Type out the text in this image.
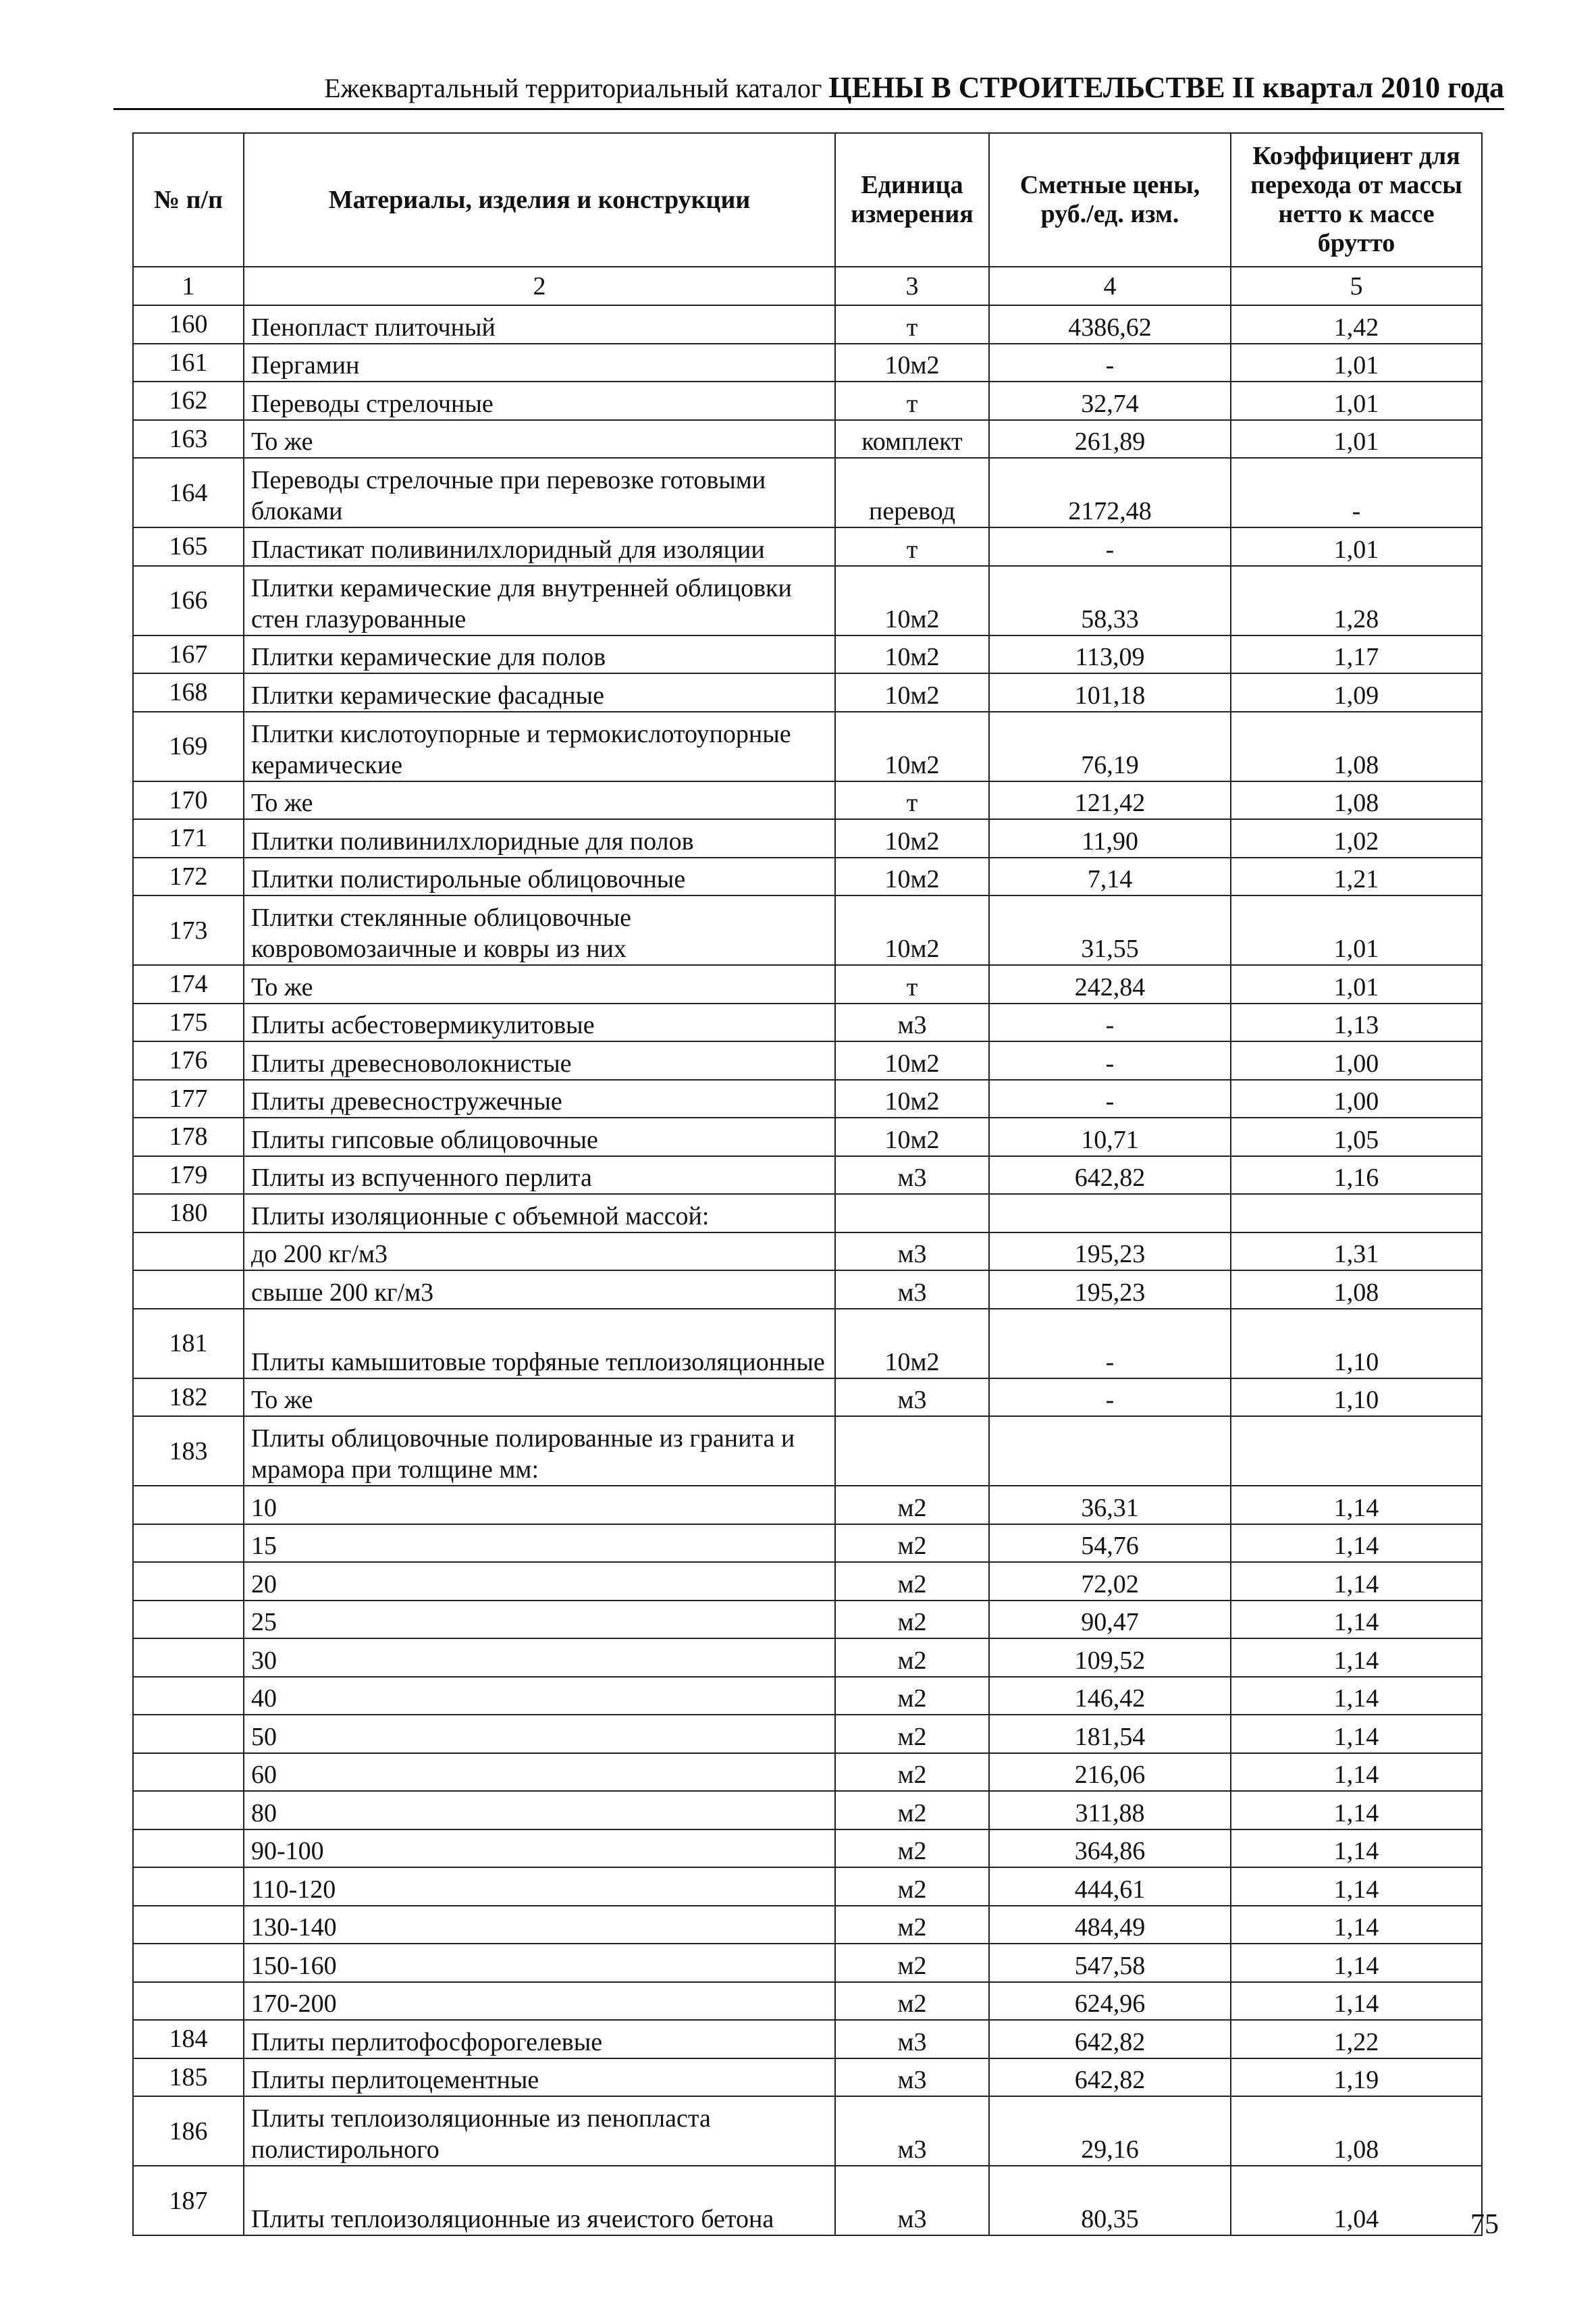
Ежеквартальный территориальный каталог ЦЕНЫ В СТРОИТЕЛЬСТВЕ II квартал 2010 года
№ п/п	Материалы, изделия и конструкции	Единица измерения	Сметные цены, руб./ед. изм.	Коэффициент для перехода от массы нетто к массе брутто
1	2	3	4	5
160	Пенопласт плиточный	т	4386,62	1,42
161	Пергамин	10м2	-	1,01
162	Переводы стрелочные	т	32,74	1,01
163	То же	комплект	261,89	1,01
164	Переводы стрелочные при перевозке готовыми блоками	перевод	2172,48	-
165	Пластикат поливинилхлоридный для изоляции	т	-	1,01
166	Плитки керамические для внутренней облицовки стен глазурованные	10м2	58,33	1,28
167	Плитки керамические для полов	10м2	113,09	1,17
168	Плитки керамические фасадные	10м2	101,18	1,09
169	Плитки кислотоупорные и термокислотоупорные керамические	10м2	76,19	1,08
170	То же	т	121,42	1,08
171	Плитки поливинилхлоридные для полов	10м2	11,90	1,02
172	Плитки полистирольные облицовочные	10м2	7,14	1,21
173	Плитки стеклянные облицовочные ковровомозаичные и ковры из них	10м2	31,55	1,01
174	То же	т	242,84	1,01
175	Плиты асбестовермикулитовые	м3	-	1,13
176	Плиты древесноволокнистые	10м2	-	1,00
177	Плиты древесностружечные	10м2	-	1,00
178	Плиты гипсовые облицовочные	10м2	10,71	1,05
179	Плиты из вспученного перлита	м3	642,82	1,16
180	Плиты изоляционные с объемной массой:			
	до 200 кг/м3	м3	195,23	1,31
	свыше 200 кг/м3	м3	195,23	1,08
181	Плиты камышитовые торфяные теплоизоляционные	10м2	-	1,10
182	То же	м3	-	1,10
183	Плиты облицовочные полированные из гранита и мрамора при толщине мм:			
	10	м2	36,31	1,14
	15	м2	54,76	1,14
	20	м2	72,02	1,14
	25	м2	90,47	1,14
	30	м2	109,52	1,14
	40	м2	146,42	1,14
	50	м2	181,54	1,14
	60	м2	216,06	1,14
	80	м2	311,88	1,14
	90-100	м2	364,86	1,14
	110-120	м2	444,61	1,14
	130-140	м2	484,49	1,14
	150-160	м2	547,58	1,14
	170-200	м2	624,96	1,14
184	Плиты перлитофосфорогелевые	м3	642,82	1,22
185	Плиты перлитоцементные	м3	642,82	1,19
186	Плиты теплоизоляционные из пенопласта полистирольного	м3	29,16	1,08
187	Плиты теплоизоляционные из ячеистого бетона	м3	80,35	1,04	75
